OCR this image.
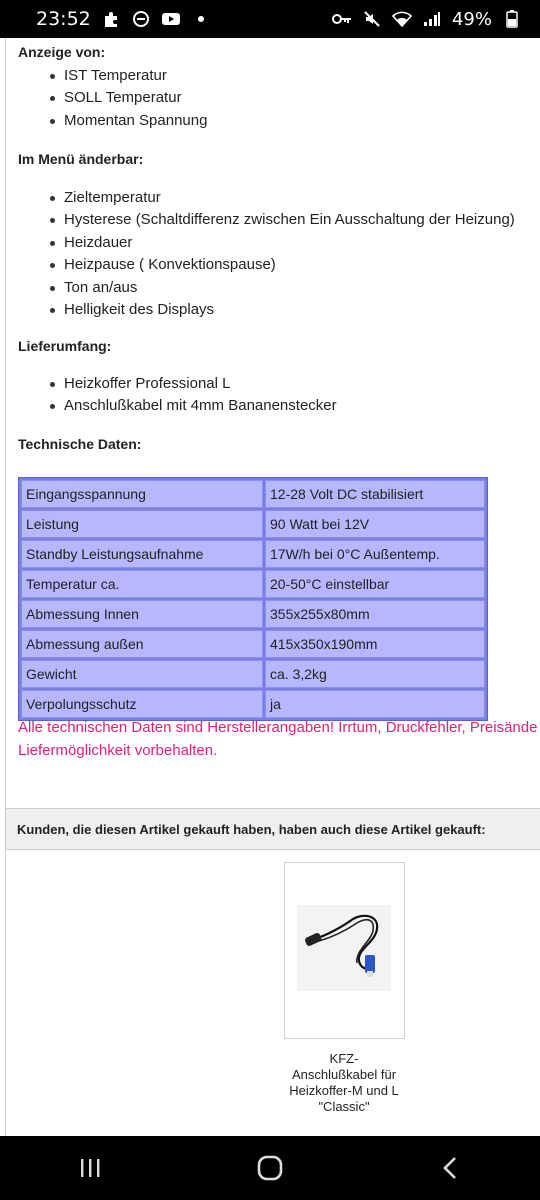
23:52	49%
Anzeige von:
IST Temperatur
SOLL Temperatur
Momentan Spannung
Im Menü änderbar:
Zieltemperatur
Hysterese (Schaltdifferenz zwischen Ein Ausschaltung der Heizung)
Heizdauer
Heizpause ( Konvektionspause)
Ton an/aus
Helligkeit des Displays
Lieferumfang:
Heizkoffer Professional L
Anschlußkabel mit 4mm Bananenstecker
Technische Daten:
Eingangsspannung	12-28 Volt DC stabilisiert
Leistung	90 Watt bei 12V
Standby Leistungsaufnahme	17W/h bei 0°C Außentemp.
Temperatur ca.	20-50°C einstellbar
Abmessung Innen	355x255x80mm
Abmessung außen	415x350x190mm
Gewicht	ca. 3,2kg
Verpolungsschutz	ja
Alle technischen Daten sind Herstellerangaben! Irrtum, Druckfehler, Preisände
Liefermöglichkeit vorbehalten.
Kunden, die diesen Artikel gekauft haben, haben auch diese Artikel gekauft:
KFZ-
Anschlußkabel für
Heizkoffer-M und L
"Classic"
